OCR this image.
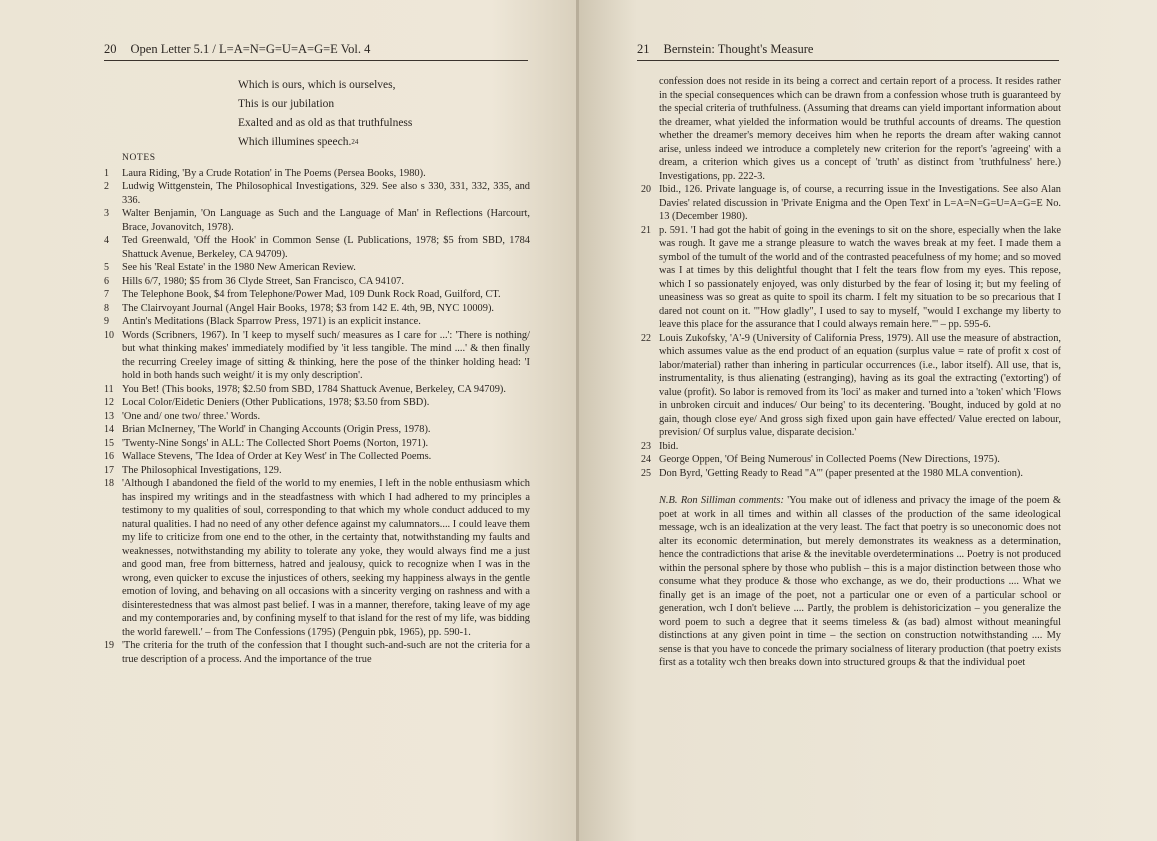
20 Open Letter 5.1 / L=A=N=G=U=A=G=E Vol. 4
Which is ours, which is ourselves,
This is our jubilation
Exalted and as old as that truthfulness
Which illumines speech.$^{24}$
NOTES
1	Laura Riding, 'By a Crude Rotation' in The Poems (Persea Books, 1980).
2	Ludwig Wittgenstein, The Philosophical Investigations, 329. See also s 330, 331, 332, 335, and 336.
3	Walter Benjamin, 'On Language as Such and the Language of Man' in Reflections (Harcourt, Brace, Jovanovitch, 1978).
4	Ted Greenwald, 'Off the Hook' in Common Sense (L Publications, 1978; $5 from SBD, 1784 Shattuck Avenue, Berkeley, CA 94709).
5	See his 'Real Estate' in the 1980 New American Review.
6	Hills 6/7, 1980; $5 from 36 Clyde Street, San Francisco, CA 94107.
7	The Telephone Book, $4 from Telephone/Power Mad, 109 Dunk Rock Road, Guilford, CT.
8	The Clairvoyant Journal (Angel Hair Books, 1978; $3 from 142 E. 4th, 9B, NYC 10009).
9	Antin's Meditations (Black Sparrow Press, 1971) is an explicit instance.
10 Words (Scribners, 1967). In 'I keep to myself such/ measures as I care for ...': 'There is nothing/ but what thinking makes' immediately modified by 'it less tangible. The mind ....' & then finally the recurring Creeley image of sitting & thinking, here the pose of the thinker holding head: 'I hold in both hands such weight/ it is my only description'.
11 You Bet! (This books, 1978; $2.50 from SBD, 1784 Shattuck Avenue, Berkeley, CA 94709).
12 Local Color/Eidetic Deniers (Other Publications, 1978; $3.50 from SBD).
13 'One and/ one two/ three.' Words.
14 Brian McInerney, 'The World' in Changing Accounts (Origin Press, 1978).
15 'Twenty-Nine Songs' in ALL: The Collected Short Poems (Norton, 1971).
16 Wallace Stevens, 'The Idea of Order at Key West' in The Collected Poems.
17 The Philosophical Investigations, 129.
18 'Although I abandoned the field of the world to my enemies, I left in the noble enthusiasm which has inspired my writings and in the steadfastness with which I had adhered to my principles a testimony to my qualities of soul, corresponding to that which my whole conduct adduced to my natural qualities. I had no need of any other defence against my calumnators.... I could leave them my life to criticize from one end to the other, in the certainty that, notwithstanding my faults and weaknesses, notwithstanding my ability to tolerate any yoke, they would always find me a just and good man, free from bitterness, hatred and jealousy, quick to recognize when I was in the wrong, even quicker to excuse the injustices of others, seeking my happiness always in the gentle emotion of loving, and behaving on all occasions with a sincerity verging on rashness and with a disinterestedness that was almost past belief. I was in a manner, therefore, taking leave of my age and my contemporaries and, by confining myself to that island for the rest of my life, was bidding the world farewell.' – from The Confessions (1795) (Penguin pbk, 1965), pp. 590-1.
19 'The criteria for the truth of the confession that I thought such-and-such are not the criteria for a true description of a process. And the importance of the true
21 Bernstein: Thought's Measure
confession does not reside in its being a correct and certain report of a process. It resides rather in the special consequences which can be drawn from a confession whose truth is guaranteed by the special criteria of truthfulness. (Assuming that dreams can yield important information about the dreamer, what yielded the information would be truthful accounts of dreams. The question whether the dreamer's memory deceives him when he reports the dream after waking cannot arise, unless indeed we introduce a completely new criterion for the report's 'agreeing' with a dream, a criterion which gives us a concept of 'truth' as distinct from 'truthfulness' here.) Investigations, pp. 222-3.
20 Ibid., 126. Private language is, of course, a recurring issue in the Investigations. See also Alan Davies' related discussion in 'Private Enigma and the Open Text' in L=A=N=G=U=A=G=E No. 13 (December 1980).
21 p. 591. 'I had got the habit of going in the evenings to sit on the shore, especially when the lake was rough. It gave me a strange pleasure to watch the waves break at my feet. I made them a symbol of the tumult of the world and of the contrasted peacefulness of my home; and so moved was I at times by this delightful thought that I felt the tears flow from my eyes. This repose, which I so passionately enjoyed, was only disturbed by the fear of losing it; but my feeling of uneasiness was so great as quite to spoil its charm. I felt my situation to be so precarious that I dared not count on it. '"How gladly", I used to say to myself, "would I exchange my liberty to leave this place for the assurance that I could always remain here."' – pp. 595-6.
22 Louis Zukofsky, 'A'-9 (University of California Press, 1979). All use the measure of abstraction, which assumes value as the end product of an equation (surplus value = rate of profit x cost of labor/material) rather than inhering in particular occurrences (i.e., labor itself). All use, that is, instrumentality, is thus alienating (estranging), having as its goal the extracting ('extorting') of value (profit). So labor is removed from its 'loci' as maker and turned into a 'token' which 'Flows in unbroken circuit and induces/ Our being' to its decentering. 'Bought, induced by gold at no gain, though close eye/ And gross sigh fixed upon gain have effected/ Value erected on labour, prevision/ Of surplus value, disparate decision.'
23 Ibid.
24 George Oppen, 'Of Being Numerous' in Collected Poems (New Directions, 1975).
25 Don Byrd, 'Getting Ready to Read "A"' (paper presented at the 1980 MLA convention).
N.B. Ron Silliman comments: 'You make out of idleness and privacy the image of the poem & poet at work in all times and within all classes of the production of the same ideological message, wch is an idealization at the very least. The fact that poetry is so uneconomic does not alter its economic determination, but merely demonstrates its weakness as a determination, hence the contradictions that arise & the inevitable overdeterminations ... Poetry is not produced within the personal sphere by those who publish – this is a major distinction between those who consume what they produce & those who exchange, as we do, their productions .... What we finally get is an image of the poet, not a particular one or even of a particular school or generation, wch I don't believe .... Partly, the problem is dehistoricization – you generalize the word poem to such a degree that it seems timeless & (as bad) almost without meaningful distinctions at any given point in time – the section on construction notwithstanding .... My sense is that you have to concede the primary socialness of literary production (that poetry exists first as a totality wch then breaks down into structured groups & that the individual poet
